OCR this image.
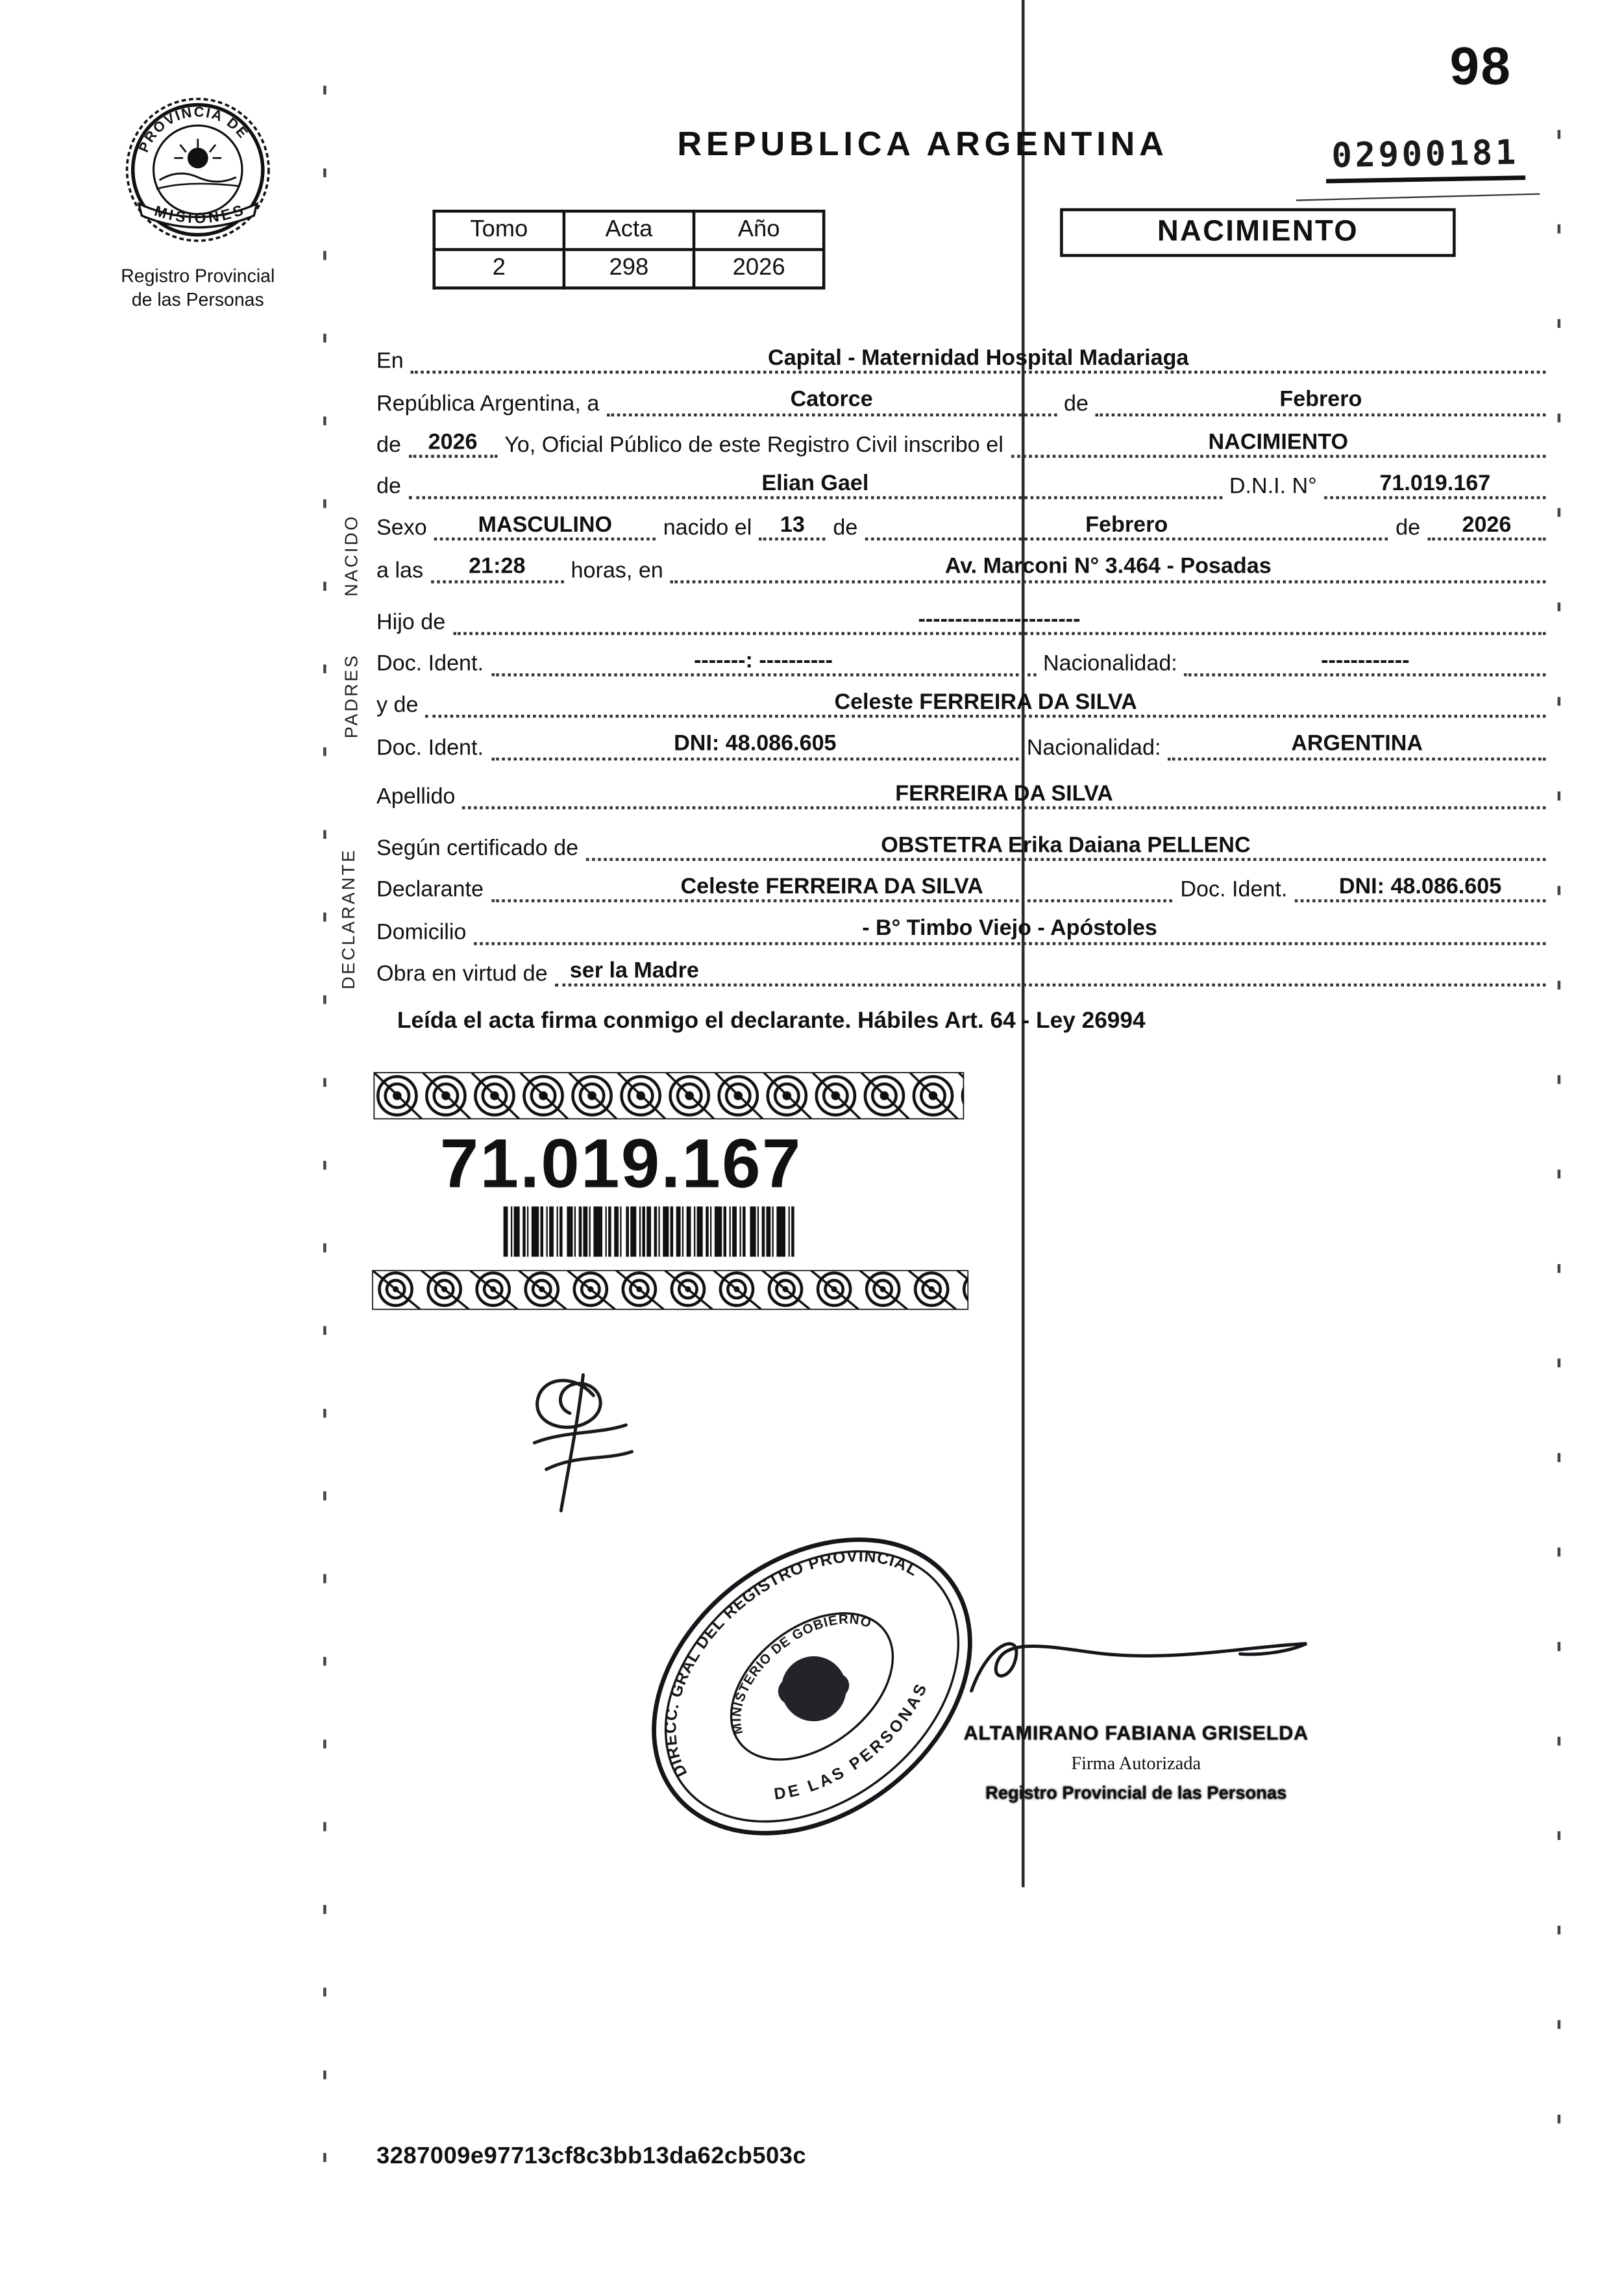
98
REPUBLICA ARGENTINA	02900181
PROVINCIA DE
MISIONES
Registro Provincial
de las Personas
Tomo	Acta	Año
2	298	2026
NACIMIENTO
NACIDO
PADRES
DECLARANTE
En	Capital - Maternidad Hospital Madariaga
República Argentina, a	Catorce	de	Febrero
de	2026	Yo, Oficial Público de este Registro Civil inscribo el	NACIMIENTO
de	Elian Gael	D.N.I. N°	71.019.167
Sexo	MASCULINO	nacido el	13	de	Febrero	de	2026
a las	21:28	horas, en	Av. Marconi N° 3.464 - Posadas
Hijo de	----------------------
Doc. Ident.	-------: ----------	Nacionalidad:	------------
y de	Celeste FERREIRA DA SILVA
Doc. Ident.	DNI: 48.086.605	Nacionalidad:	ARGENTINA
Apellido	FERREIRA DA SILVA
Según certificado de	OBSTETRA Erika Daiana PELLENC
Declarante	Celeste FERREIRA DA SILVA	Doc. Ident.	DNI: 48.086.605
Domicilio	- B° Timbo Viejo - Apóstoles
Obra en virtud de	ser la Madre
Leída el acta firma conmigo el declarante. Hábiles Art. 64 - Ley 26994
71.019.167
DIRECC. GRAL DEL REGISTRO PROVINCIAL
DE LAS PERSONAS
MINISTERIO DE GOBIERNO
ALTAMIRANO FABIANA GRISELDA
Firma Autorizada
Registro Provincial de las Personas
3287009e97713cf8c3bb13da62cb503c
